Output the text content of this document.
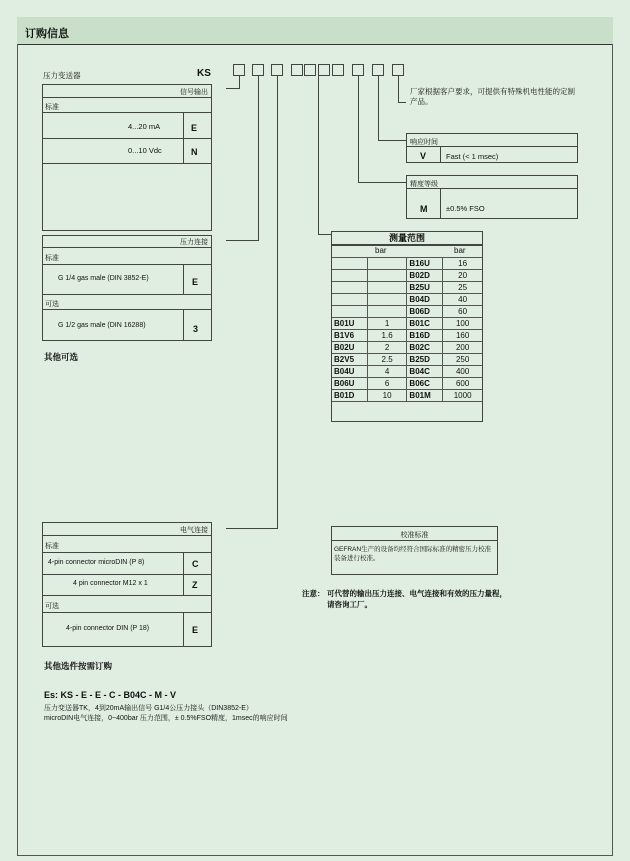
订购信息
压力变送器	KS
信号输出
标准
4...20 mA	E
0...10 Vdc	N
压力连接
标准
G 1/4 gas male (DIN 3852-E)	E
可选
G 1/2 gas male (DIN 16288)	3
其他可选
厂家根据客户要求，可提供有特殊机电性能的定制产品。
响应时间
V	Fast (< 1 msec)
精度等级
M ±0.5% FSO
测量范围
bar	bar
		B16U	16
		B02D	20
		B25U	25
		B04D	40
		B06D	60
B01U	1	B01C	100
B1V6	1.6	B16D	160
B02U	2	B02C	200
B2V5	2.5	B25D	250
B04U	4	B04C	400
B06U	6	B06C	600
B01D	10	B01M	1000
电气连接
标准
4-pin connector microDIN (P 8)	C
4 pin connector M12 x 1	Z
可选
4-pin connector DIN (P 18)	E
其他选件按需订购
校准标准
GEFRAN生产的设备均经符合国际标准的精密压力校准装备进行校准。
注意： 可代替的输出压力连接、电气连接和有效的压力量程，
请咨询工厂。
Es: KS - E - E - C - B04C - M - V
压力变送器TK，4到20mA输出信号 G1/4公压力接头（DIN3852-E）
microDIN电气连接，0~400bar 压力范围，± 0.5%FSO精度，1msec的响应时间
